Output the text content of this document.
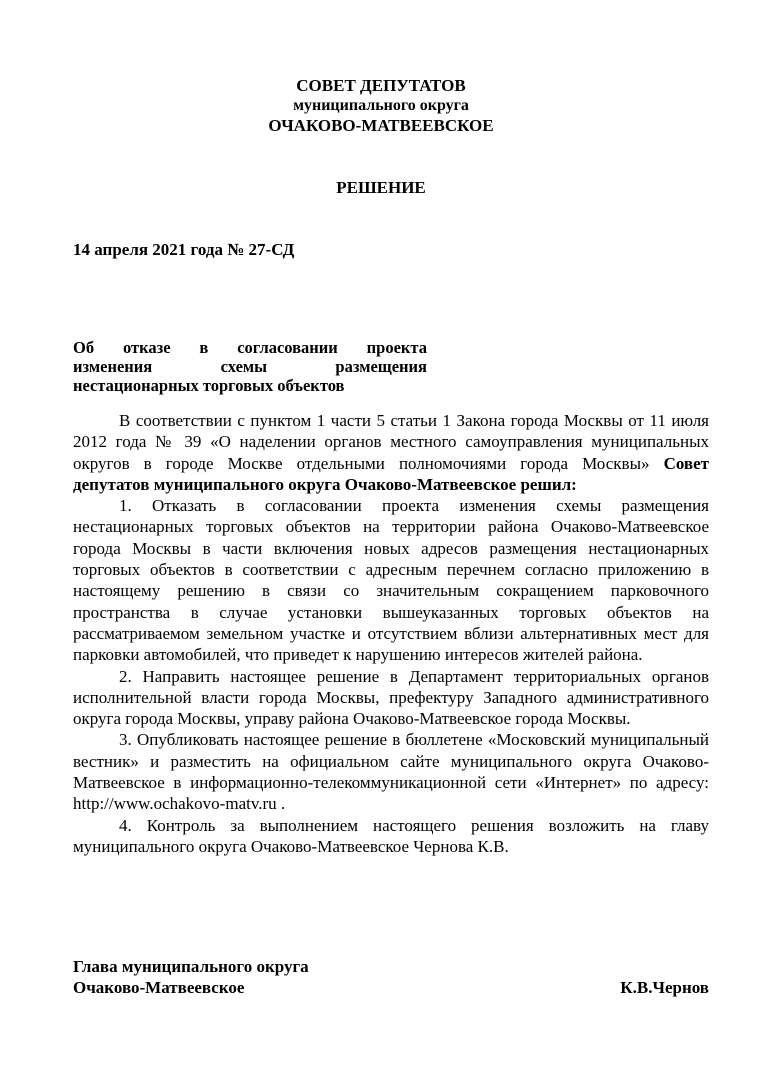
СОВЕТ ДЕПУТАТОВ
муниципального округа
ОЧАКОВО-МАТВЕЕВСКОЕ
РЕШЕНИЕ
14 апреля 2021 года № 27-СД
Об отказе в согласовании проекта
изменения схемы размещения
нестационарных торговых объектов

В соответствии с пунктом 1 части 5 статьи 1 Закона города Москвы от 11 июля 2012 года № 39 «О наделении органов местного самоуправления муниципальных округов в городе Москве отдельными полномочиями города Москвы» Совет депутатов муниципального округа Очаково-Матвеевское решил:

1. Отказать в согласовании проекта изменения схемы размещения нестационарных торговых объектов на территории района Очаково-Матвеевское города Москвы в части включения новых адресов размещения нестационарных торговых объектов в соответствии с адресным перечнем согласно приложению в настоящему решению в связи со значительным сокращением парковочного пространства в случае установки вышеуказанных торговых объектов на рассматриваемом земельном участке и отсутствием вблизи альтернативных мест для парковки автомобилей, что приведет к нарушению интересов жителей района.

2. Направить настоящее решение в Департамент территориальных органов исполнительной власти города Москвы, префектуру Западного административного округа города Москвы, управу района Очаково-Матвеевское города Москвы.

3. Опубликовать настоящее решение в бюллетене «Московский муниципальный вестник» и разместить на официальном сайте муниципального округа Очаково-Матвеевское в информационно-телекоммуникационной сети «Интернет» по адресу: http://www.ochakovo-matv.ru .

4. Контроль за выполнением настоящего решения возложить на главу муниципального округа Очаково-Матвеевское Чернова К.В.

Глава муниципального округа
Очаково-Матвеевское	К.В.Чернов
